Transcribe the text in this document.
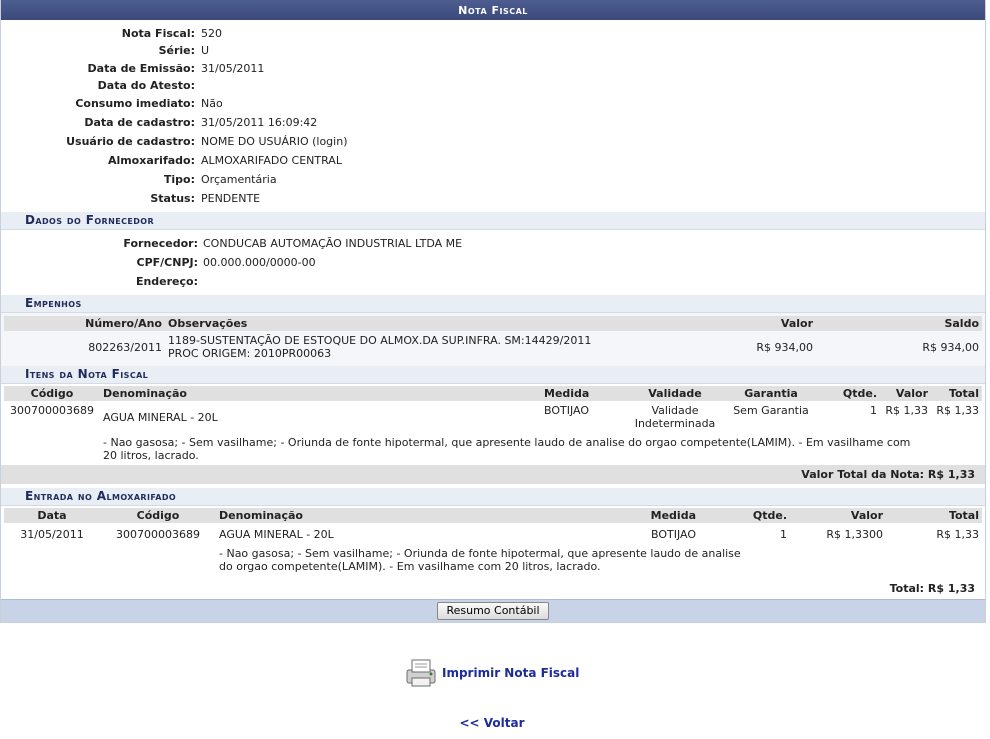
Nota Fiscal
Nota Fiscal: 520
Série: U
Data de Emissão: 31/05/2011
Data do Atesto:
Consumo imediato: Não
Data de cadastro: 31/05/2011 16:09:42
Usuário de cadastro: NOME DO USUÁRIO (login)
Almoxarifado: ALMOXARIFADO CENTRAL
Tipo: Orçamentária
Status: PENDENTE
Dados do Fornecedor
Fornecedor: CONDUCAB AUTOMAÇÃO INDUSTRIAL LTDA ME
CPF/CNPJ: 00.000.000/0000-00
Endereço:
Empenhos
Número/Ano	Observações	Valor	Saldo
802263/2011	1189-SUSTENTAÇÃO DE ESTOQUE DO ALMOX.DA SUP.INFRA. SM:14429/2011
PROC ORIGEM: 2010PR00063	R$ 934,00	R$ 934,00
Itens da Nota Fiscal
Código	Denominação	Medida	Validade	Garantia	Qtde.	Valor	Total
300700003689	AGUA MINERAL - 20L	BOTIJAO	Validade
Indeterminada	Sem Garantia	1	R$ 1,33	R$ 1,33
	- Nao gasosa; - Sem vasilhame; - Oriunda de fonte hipotermal, que apresente laudo de analise do orgao competente(LAMIM). - Em vasilhame com 20 litros, lacrado.						
Valor Total da Nota: R$ 1,33
Entrada no Almoxarifado
Data	Código	Denominação	Medida	Qtde.	Valor	Total
31/05/2011	300700003689	AGUA MINERAL - 20L	BOTIJAO	1	R$ 1,3300	R$ 1,33

		- Nao gasosa; - Sem vasilhame; - Oriunda de fonte hipotermal, que apresente laudo de analise
do orgao competente(LAMIM). - Em vasilhame com 20 litros, lacrado.				
Total: R$ 1,33
Resumo Contábil
Imprimir Nota Fiscal
<< Voltar
